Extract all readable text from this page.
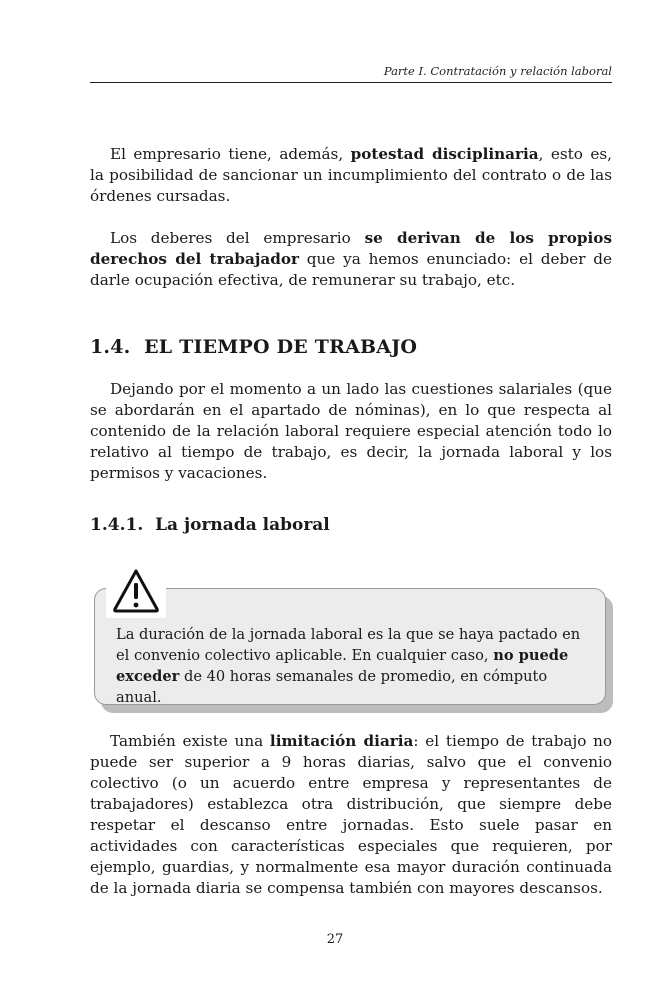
Parte I. Contratación y relación laboral

El empresario tiene, además, potestad disciplinaria, esto es, la posibilidad de sancionar un incumplimiento del contrato o de las órdenes cursadas.

Los deberes del empresario se derivan de los propios derechos del trabajador que ya hemos enunciado: el deber de darle ocupación efectiva, de remunerar su trabajo, etc.

1.4. EL TIEMPO DE TRABAJO

Dejando por el momento a un lado las cuestiones salariales (que se abordarán en el apartado de nóminas), en lo que respecta al contenido de la relación laboral requiere especial atención todo lo relativo al tiempo de trabajo, es decir, la jornada laboral y los permisos y vacaciones.

1.4.1. La jornada laboral

La duración de la jornada laboral es la que se haya pactado en el convenio colectivo aplicable. En cualquier caso, no puede exceder de 40 horas semanales de promedio, en cómputo anual.

También existe una limitación diaria: el tiempo de trabajo no puede ser superior a 9 horas diarias, salvo que el convenio colectivo (o un acuerdo entre empresa y representantes de trabajadores) establezca otra distribución, que siempre debe respetar el descanso entre jornadas. Esto suele pasar en actividades con características especiales que requieren, por ejemplo, guardias, y normalmente esa mayor duración continuada de la jornada diaria se compensa también con mayores descansos.

27
